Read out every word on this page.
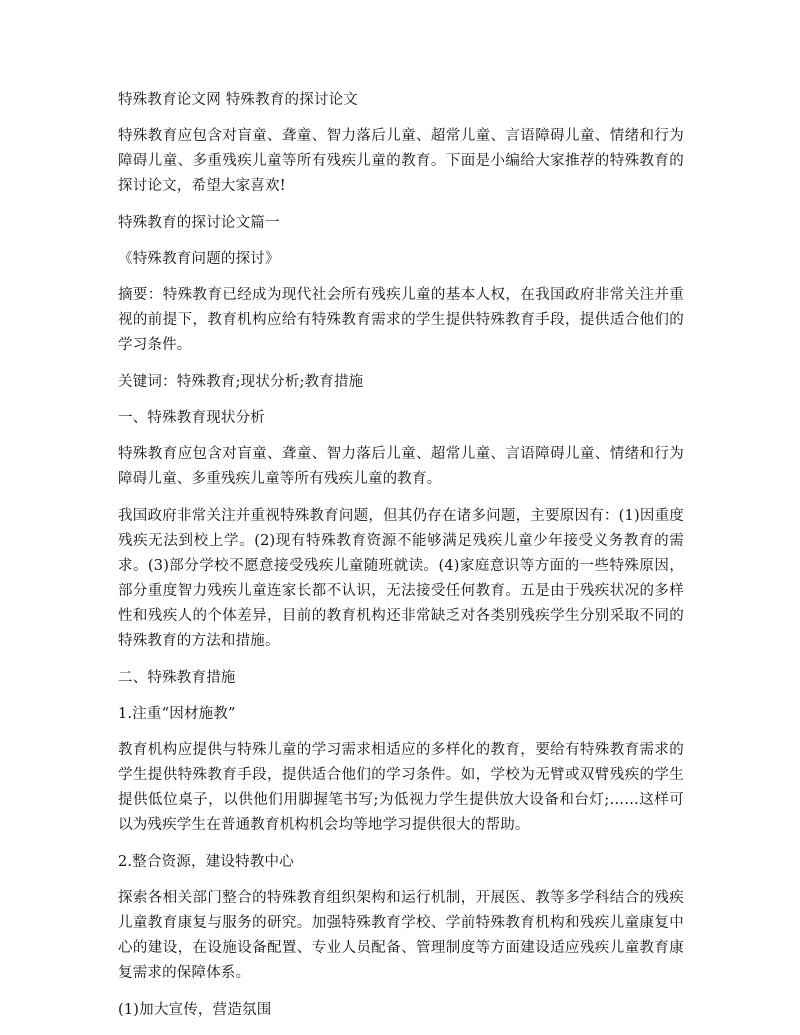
特殊教育论文网 特殊教育的探讨论文

特殊教育应包含对盲童、聋童、智力落后儿童、超常儿童、言语障碍儿童、情绪和行为障碍儿童、多重残疾儿童等所有残疾儿童的教育。下面是小编给大家推荐的特殊教育的探讨论文，希望大家喜欢!

特殊教育的探讨论文篇一

《特殊教育问题的探讨》

摘要：特殊教育已经成为现代社会所有残疾儿童的基本人权，在我国政府非常关注并重视的前提下，教育机构应给有特殊教育需求的学生提供特殊教育手段，提供适合他们的学习条件。

关键词：特殊教育;现状分析;教育措施

一、特殊教育现状分析

特殊教育应包含对盲童、聋童、智力落后儿童、超常儿童、言语障碍儿童、情绪和行为障碍儿童、多重残疾儿童等所有残疾儿童的教育。

我国政府非常关注并重视特殊教育问题，但其仍存在诸多问题，主要原因有：(1)因重度残疾无法到校上学。(2)现有特殊教育资源不能够满足残疾儿童少年接受义务教育的需求。(3)部分学校不愿意接受残疾儿童随班就读。(4)家庭意识等方面的一些特殊原因，部分重度智力残疾儿童连家长都不认识，无法接受任何教育。五是由于残疾状况的多样性和残疾人的个体差异，目前的教育机构还非常缺乏对各类别残疾学生分别采取不同的特殊教育的方法和措施。

二、特殊教育措施

1.注重“因材施教”

教育机构应提供与特殊儿童的学习需求相适应的多样化的教育，要给有特殊教育需求的学生提供特殊教育手段，提供适合他们的学习条件。如，学校为无臂或双臂残疾的学生提供低位桌子，以供他们用脚握笔书写;为低视力学生提供放大设备和台灯;……这样可以为残疾学生在普通教育机构机会均等地学习提供很大的帮助。

2.整合资源，建设特教中心

探索各相关部门整合的特殊教育组织架构和运行机制，开展医、教等多学科结合的残疾儿童教育康复与服务的研究。加强特殊教育学校、学前特殊教育机构和残疾儿童康复中心的建设，在设施设备配置、专业人员配备、管理制度等方面建设适应残疾儿童教育康复需求的保障体系。

(1)加大宣传，营造氛围
